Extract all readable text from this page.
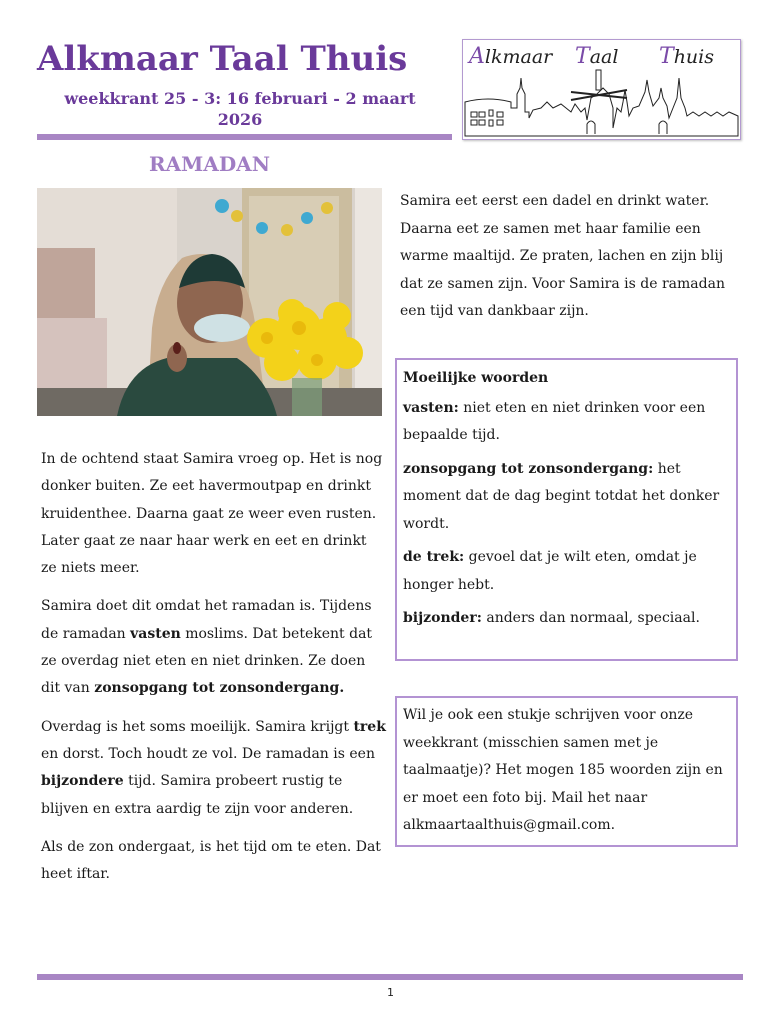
Alkmaar Taal Thuis
weekkrant 25 - 3: 16 februari - 2 maart 2026
Alkmaar Taal Thuis
RAMADAN

In de ochtend staat Samira vroeg op. Het is nog donker buiten. Ze eet havermoutpap en drinkt kruidenthee. Daarna gaat ze weer even rusten. Later gaat ze naar haar werk en eet en drinkt ze niets meer.

Samira doet dit omdat het ramadan is. Tijdens de ramadan vasten moslims. Dat betekent dat ze overdag niet eten en niet drinken. Ze doen dit van zonsopgang tot zonsondergang.

Overdag is het soms moeilijk. Samira krijgt trek en dorst. Toch houdt ze vol. De ramadan is een bijzondere tijd. Samira probeert rustig te blijven en extra aardig te zijn voor anderen.

Als de zon ondergaat, is het tijd om te eten. Dat heet iftar.

Samira eet eerst een dadel en drinkt water. Daarna eet ze samen met haar familie een warme maaltijd. Ze praten, lachen en zijn blij dat ze samen zijn. Voor Samira is de ramadan een tijd van dankbaar zijn.

Moeilijke woorden

vasten: niet eten en niet drinken voor een bepaalde tijd.

zonsopgang tot zonsondergang: het moment dat de dag begint totdat het donker wordt.

de trek: gevoel dat je wilt eten, omdat je honger hebt.

bijzonder: anders dan normaal, speciaal.

Wil je ook een stukje schrijven voor onze weekkrant (misschien samen met je taalmaatje)? Het mogen 185 woorden zijn en er moet een foto bij. Mail het naar alkmaartaalthuis@gmail.com.

1
